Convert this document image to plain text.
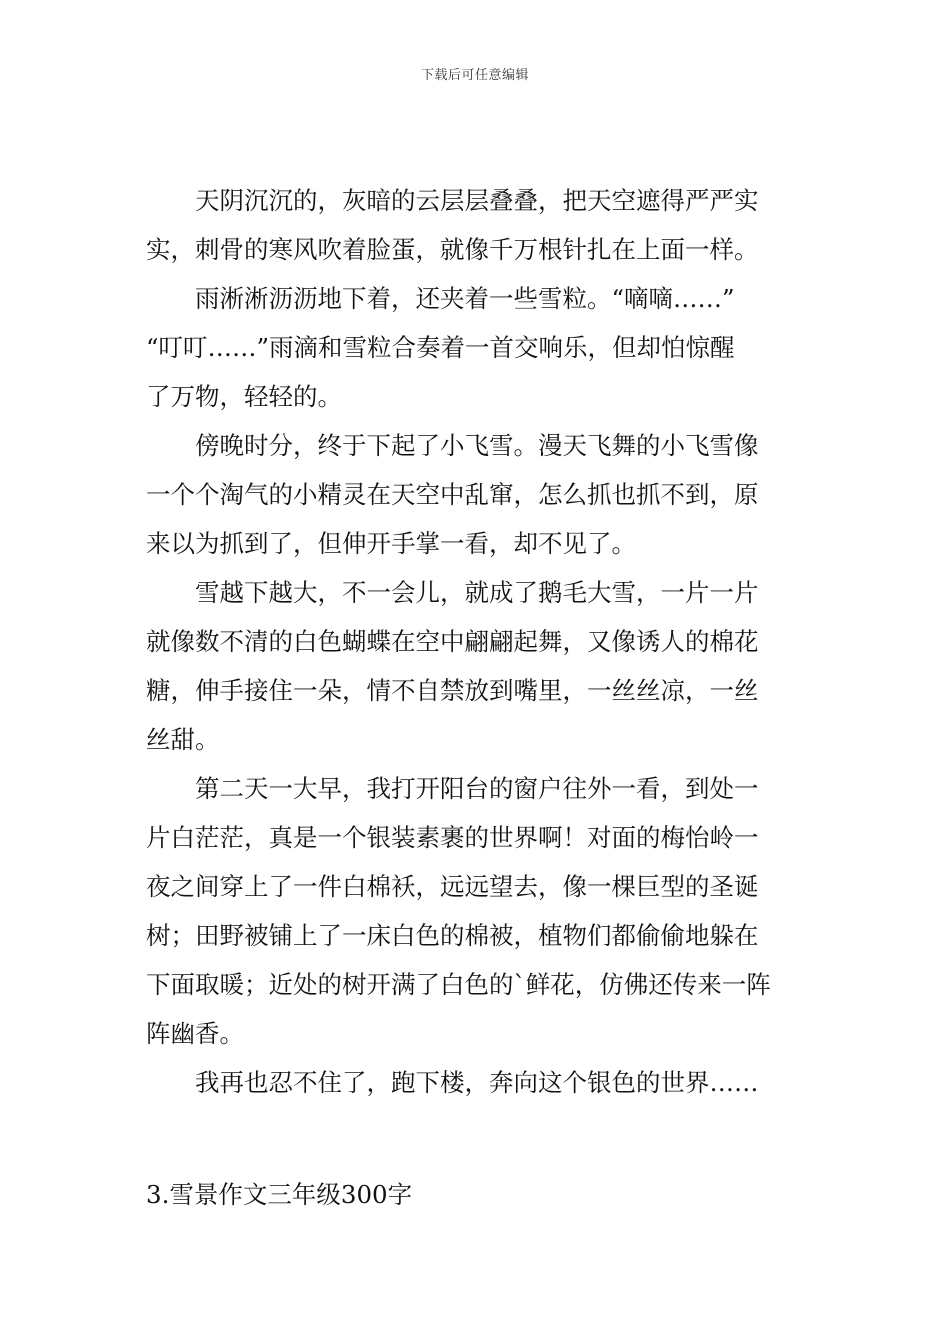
下载后可任意编辑

天阴沉沉的，灰暗的云层层叠叠，把天空遮得严严实
实，刺骨的寒风吹着脸蛋，就像千万根针扎在上面一样。

雨淅淅沥沥地下着，还夹着一些雪粒。“嘀嘀……”
“叮叮……”雨滴和雪粒合奏着一首交响乐，但却怕惊醒
了万物，轻轻的。

傍晚时分，终于下起了小飞雪。漫天飞舞的小飞雪像
一个个淘气的小精灵在天空中乱窜，怎么抓也抓不到，原
来以为抓到了，但伸开手掌一看，却不见了。

雪越下越大，不一会儿，就成了鹅毛大雪，一片一片
就像数不清的白色蝴蝶在空中翩翩起舞，又像诱人的棉花
糖，伸手接住一朵，情不自禁放到嘴里，一丝丝凉，一丝
丝甜。

第二天一大早，我打开阳台的窗户往外一看，到处一
片白茫茫，真是一个银装素裹的世界啊！对面的梅怡岭一
夜之间穿上了一件白棉袄，远远望去，像一棵巨型的圣诞
树；田野被铺上了一床白色的棉被，植物们都偷偷地躲在
下面取暖；近处的树开满了白色的`鲜花，仿佛还传来一阵
阵幽香。

我再也忍不住了，跑下楼，奔向这个银色的世界……

3.雪景作文三年级300字
